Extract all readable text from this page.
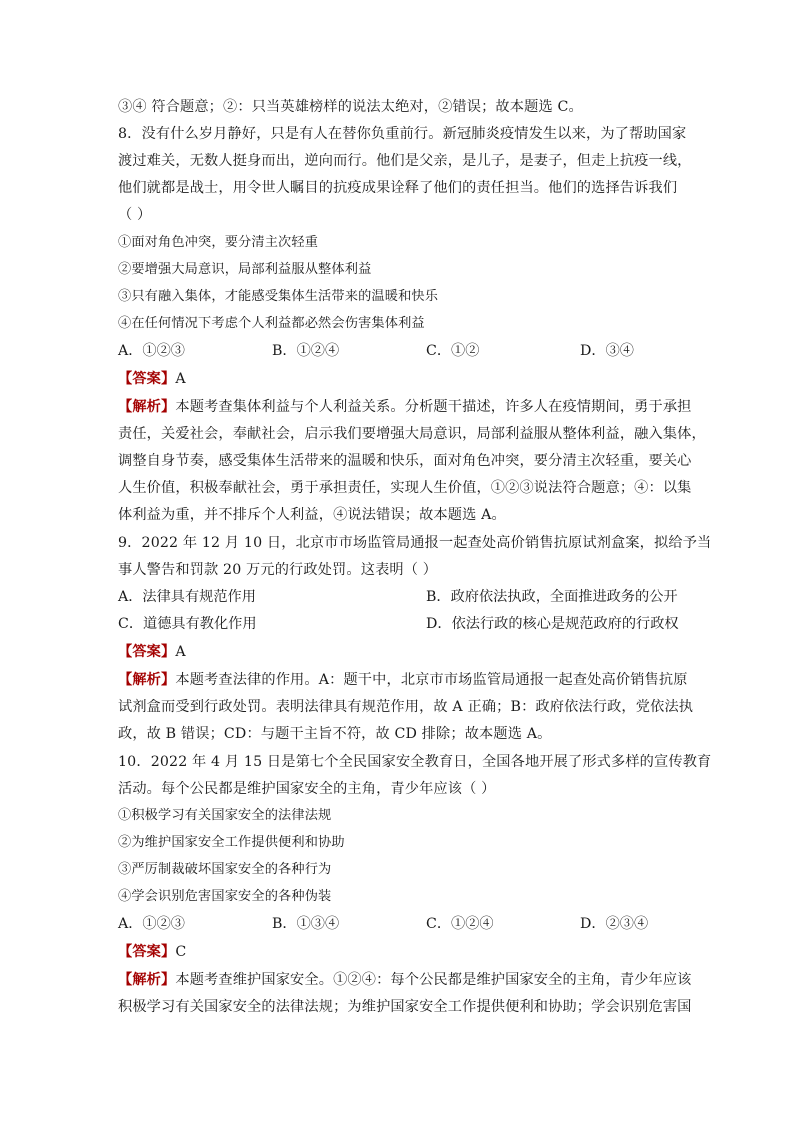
③④ 符合题意；②：只当英雄榜样的说法太绝对，②错误；故本题选 C。
8．没有什么岁月静好，只是有人在替你负重前行。新冠肺炎疫情发生以来，为了帮助国家
渡过难关，无数人挺身而出，逆向而行。他们是父亲，是儿子，是妻子，但走上抗疫一线，
他们就都是战士，用令世人瞩目的抗疫成果诠释了他们的责任担当。他们的选择告诉我们
（ ）
①面对角色冲突，要分清主次轻重
②要增强大局意识，局部利益服从整体利益
③只有融入集体，才能感受集体生活带来的温暖和快乐
④在任何情况下考虑个人利益都必然会伤害集体利益
A．①②③	B．①②④	C．①②	D．③④
【答案】A
【解析】本题考查集体利益与个人利益关系。分析题干描述，许多人在疫情期间，勇于承担
责任，关爱社会，奉献社会，启示我们要增强大局意识，局部利益服从整体利益，融入集体，
调整自身节奏，感受集体生活带来的温暖和快乐，面对角色冲突，要分清主次轻重，要关心
人生价值，积极奉献社会，勇于承担责任，实现人生价值，①②③说法符合题意；④：以集
体利益为重，并不排斥个人利益，④说法错误；故本题选 A。
9．2022 年 12 月 10 日，北京市市场监管局通报一起查处高价销售抗原试剂盒案，拟给予当
事人警告和罚款 20 万元的行政处罚。这表明（ ）
A．法律具有规范作用	B．政府依法执政，全面推进政务的公开
C．道德具有教化作用	D．依法行政的核心是规范政府的行政权
【答案】A
【解析】本题考查法律的作用。A：题干中，北京市市场监管局通报一起查处高价销售抗原
试剂盒而受到行政处罚。表明法律具有规范作用，故 A 正确；B：政府依法行政，党依法执
政，故 B 错误；CD：与题干主旨不符，故 CD 排除；故本题选 A。
10．2022 年 4 月 15 日是第七个全民国家安全教育日，全国各地开展了形式多样的宣传教育
活动。每个公民都是维护国家安全的主角，青少年应该（ ）
①积极学习有关国家安全的法律法规
②为维护国家安全工作提供便利和协助
③严厉制裁破坏国家安全的各种行为
④学会识别危害国家安全的各种伪装
A．①②③	B．①③④	C．①②④	D．②③④
【答案】C
【解析】本题考查维护国家安全。①②④：每个公民都是维护国家安全的主角，青少年应该
积极学习有关国家安全的法律法规；为维护国家安全工作提供便利和协助；学会识别危害国
